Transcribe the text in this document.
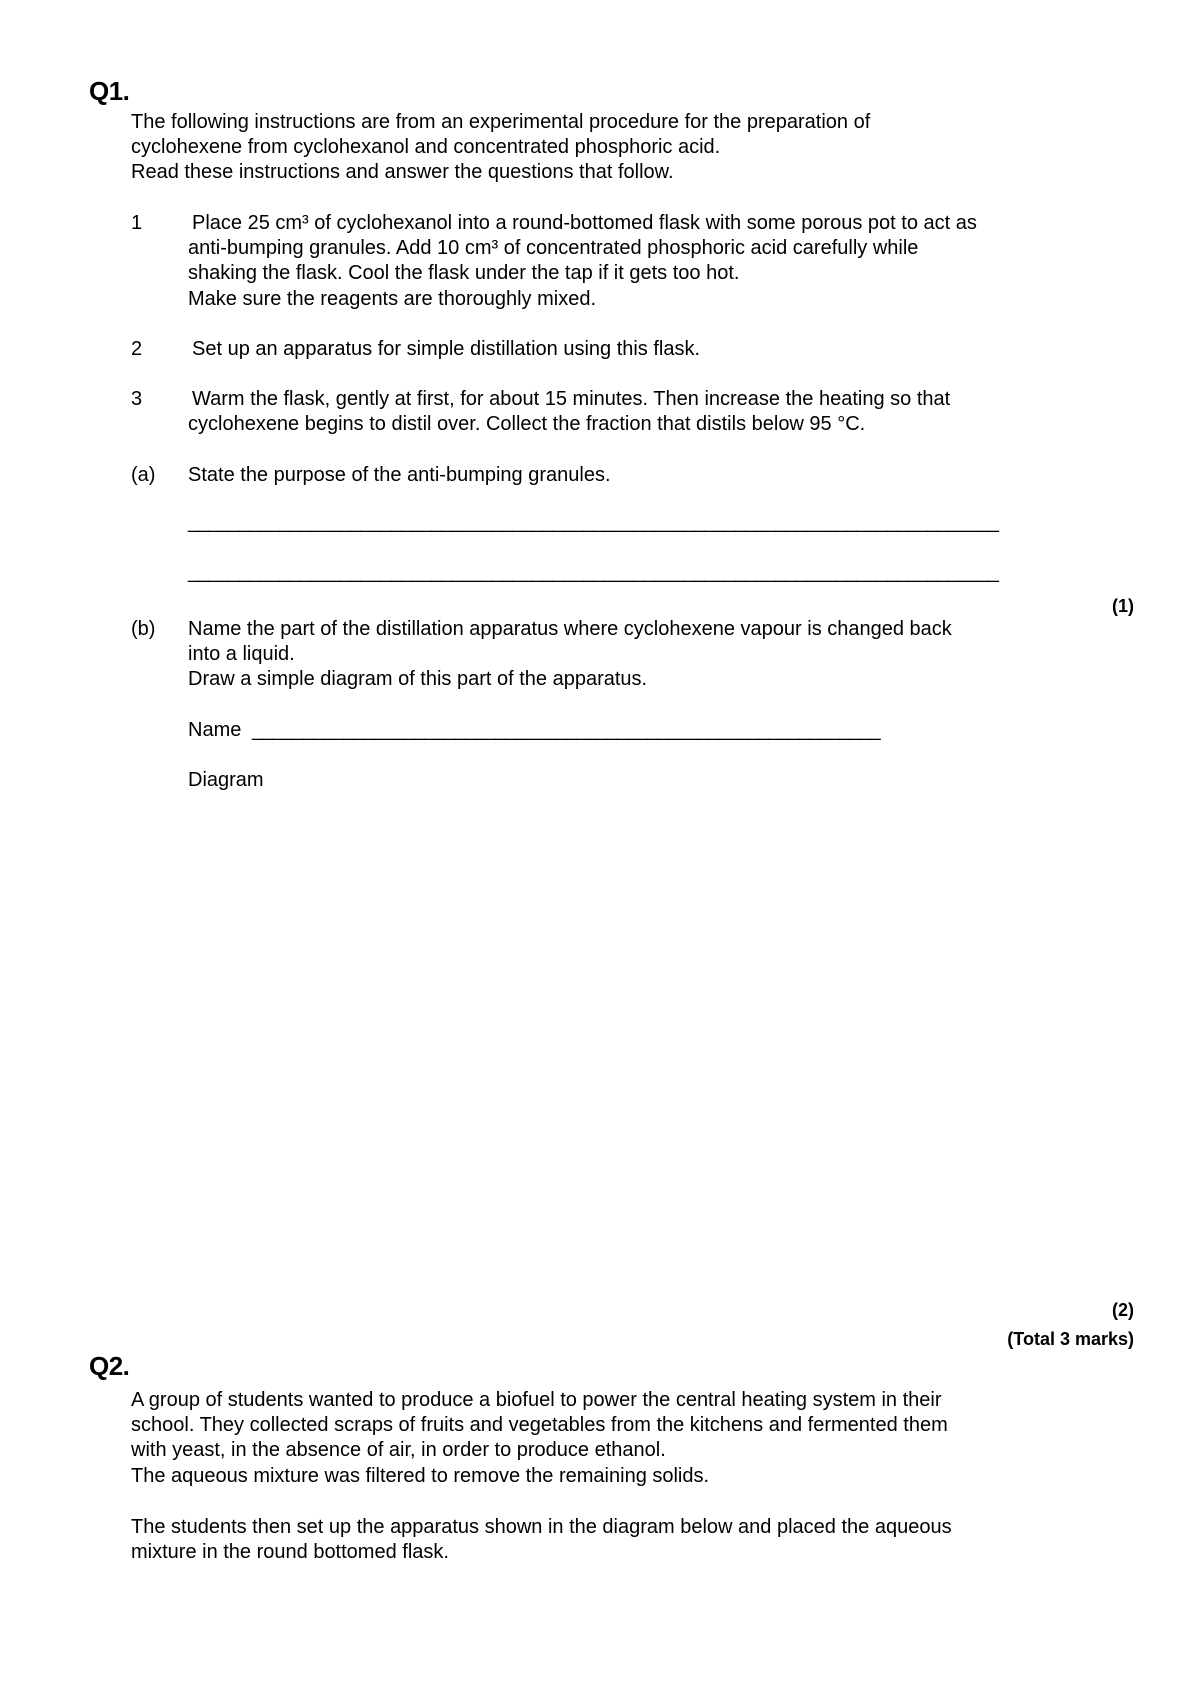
Q1.
The following instructions are from an experimental procedure for the preparation of
cyclohexene from cyclohexanol and concentrated phosphoric acid.
Read these instructions and answer the questions that follow.
1 Place 25 cm³ of cyclohexanol into a round-bottomed flask with some porous pot to act as
anti-bumping granules. Add 10 cm³ of concentrated phosphoric acid carefully while
shaking the flask. Cool the flask under the tap if it gets too hot.
Make sure the reagents are thoroughly mixed.
2 Set up an apparatus for simple distillation using this flask.
3 Warm the flask, gently at first, for about 15 minutes. Then increase the heating so that
cyclohexene begins to distil over. Collect the fraction that distils below 95 °C.
(a) State the purpose of the anti-bumping granules.
________________________________________________________________________________
________________________________________________________________________________
(1)
(b) Name the part of the distillation apparatus where cyclohexene vapour is changed back
into a liquid.
Draw a simple diagram of this part of the apparatus.
Name ______________________________________________________________
Diagram
(2)
(Total 3 marks)
Q2.
A group of students wanted to produce a biofuel to power the central heating system in their
school. They collected scraps of fruits and vegetables from the kitchens and fermented them
with yeast, in the absence of air, in order to produce ethanol.
The aqueous mixture was filtered to remove the remaining solids.
The students then set up the apparatus shown in the diagram below and placed the aqueous
mixture in the round bottomed flask.
